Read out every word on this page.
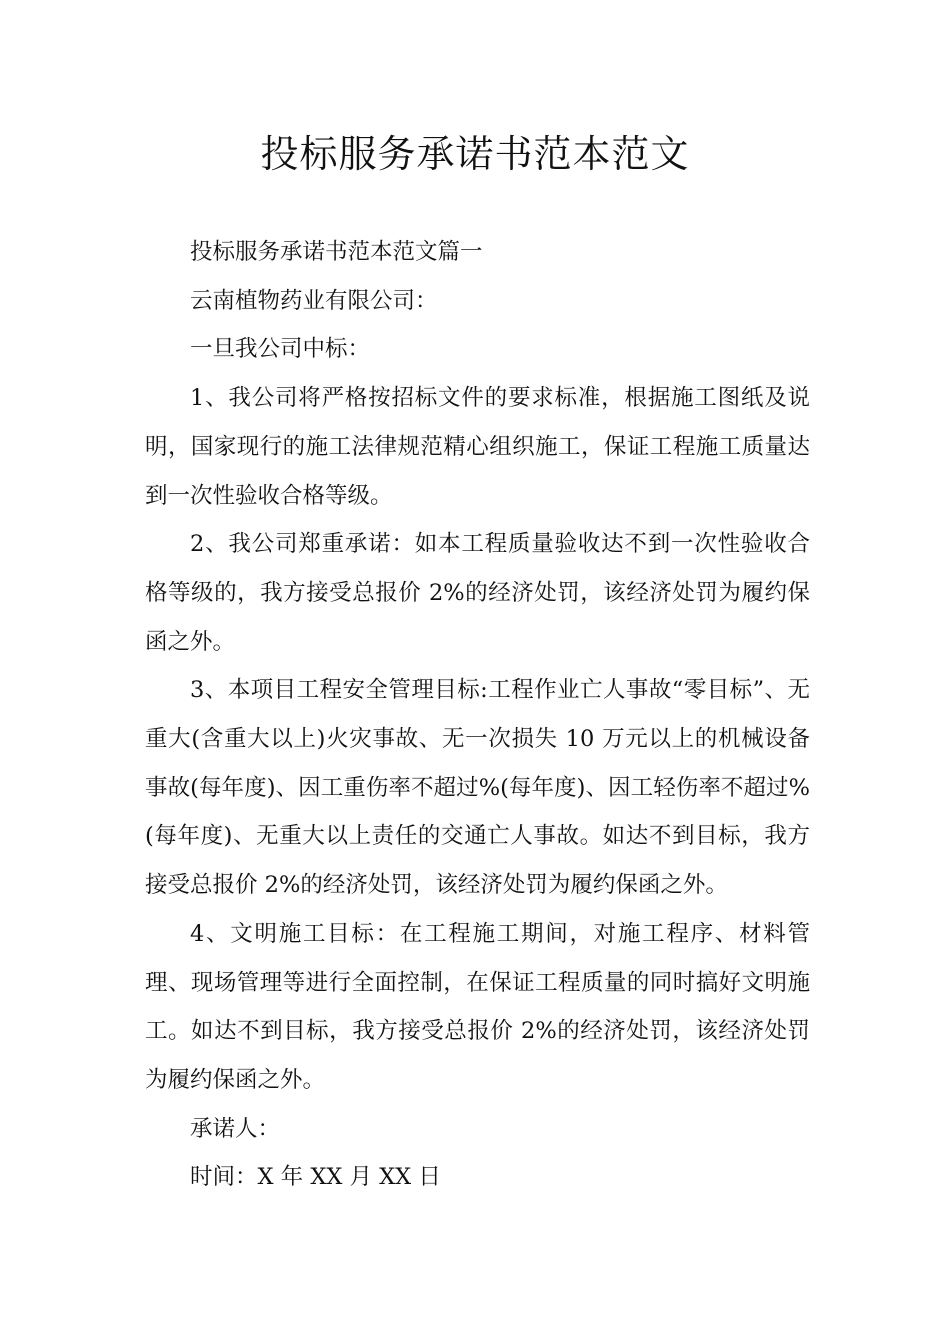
投标服务承诺书范本范文

投标服务承诺书范本范文篇一

云南植物药业有限公司：

一旦我公司中标：

1、我公司将严格按招标文件的要求标准，根据施工图纸及说明，国家现行的施工法律规范精心组织施工，保证工程施工质量达到一次性验收合格等级。

2、我公司郑重承诺：如本工程质量验收达不到一次性验收合格等级的，我方接受总报价 2%的经济处罚，该经济处罚为履约保函之外。

3、本项目工程安全管理目标:工程作业亡人事故“零目标”、无重大(含重大以上)火灾事故、无一次损失 10 万元以上的机械设备事故(每年度)、因工重伤率不超过%(每年度)、因工轻伤率不超过%(每年度)、无重大以上责任的交通亡人事故。如达不到目标，我方接受总报价 2%的经济处罚，该经济处罚为履约保函之外。

4、文明施工目标：在工程施工期间，对施工程序、材料管理、现场管理等进行全面控制，在保证工程质量的同时搞好文明施工。如达不到目标，我方接受总报价 2%的经济处罚，该经济处罚为履约保函之外。

承诺人：

时间：X 年 XX 月 XX 日
